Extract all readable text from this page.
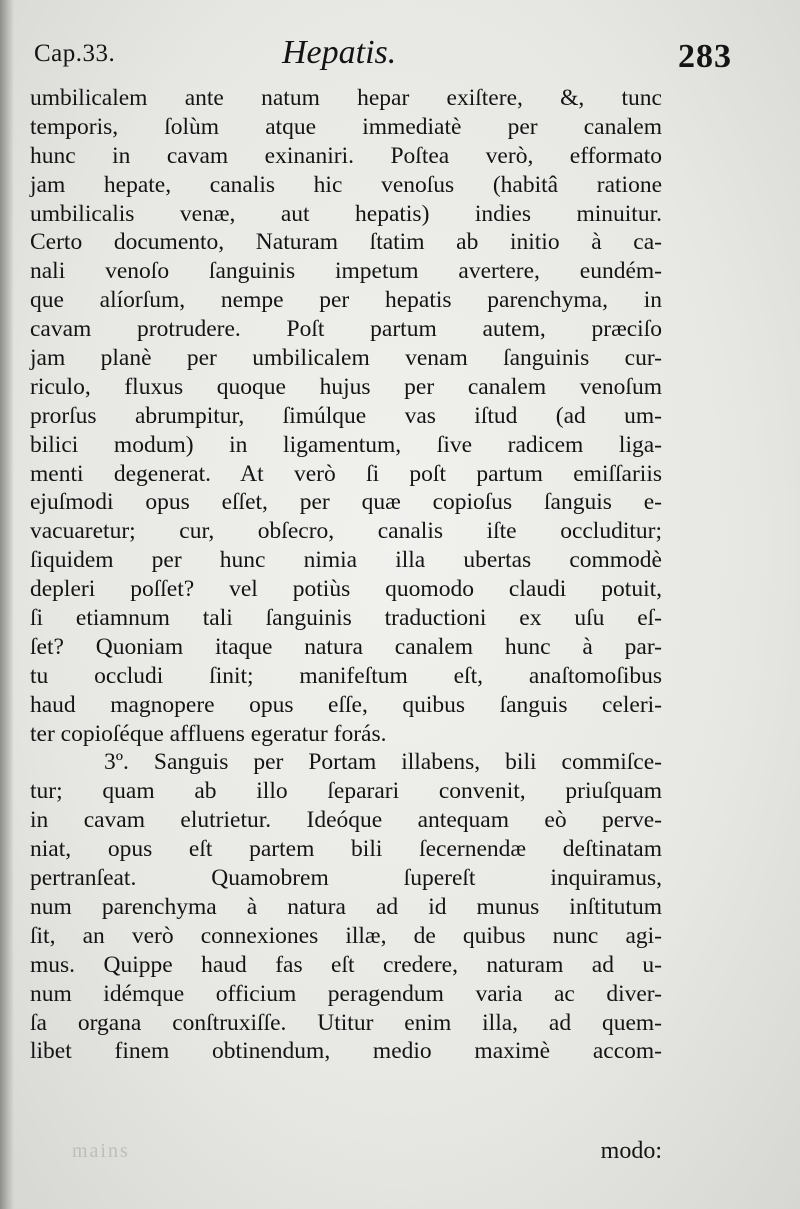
Cap.33.	Hepatis.	283
umbilicalem ante natum hepar exiſtere, &, tunc
temporis, ſolùm atque immediatè per canalem
hunc in cavam exinaniri. Poſtea verò, efformato
jam hepate, canalis hic venoſus (habitâ ratione
umbilicalis venæ, aut hepatis) indies minuitur.
Certo documento, Naturam ſtatim ab initio à ca-
nali venoſo ſanguinis impetum avertere, eundém-
que alíorſum, nempe per hepatis parenchyma, in
cavam protrudere. Poſt partum autem, præciſo
jam planè per umbilicalem venam ſanguinis cur-
riculo, fluxus quoque hujus per canalem venoſum
prorſus abrumpitur, ſimúlque vas iſtud (ad um-
bilici modum) in ligamentum, ſive radicem liga-
menti degenerat. At verò ſi poſt partum emiſſariis
ejuſmodi opus eſſet, per quæ copioſus ſanguis e-
vacuaretur; cur, obſecro, canalis iſte occluditur;
ſiquidem per hunc nimia illa ubertas commodè
depleri poſſet? vel potiùs quomodo claudi potuit,
ſi etiamnum tali ſanguinis traductioni ex uſu eſ-
ſet? Quoniam itaque natura canalem hunc à par-
tu occludi ſinit; manifeſtum eſt, anaſtomoſibus
haud magnopere opus eſſe, quibus ſanguis celeri-
ter copioſéque affluens egeratur forás.
3º. Sanguis per Portam illabens, bili commiſce-
tur; quam ab illo ſeparari convenit, priuſquam
in cavam elutrietur. Ideóque antequam eò perve-
niat, opus eſt partem bili ſecernendæ deſtinatam
pertranſeat. Quamobrem ſupereſt inquiramus,
num parenchyma à natura ad id munus inſtitutum
ſit, an verò connexiones illæ, de quibus nunc agi-
mus. Quippe haud fas eſt credere, naturam ad u-
num idémque officium peragendum varia ac diver-
ſa organa conſtruxiſſe. Utitur enim illa, ad quem-
libet finem obtinendum, medio maximè accom-
mains	modo:
